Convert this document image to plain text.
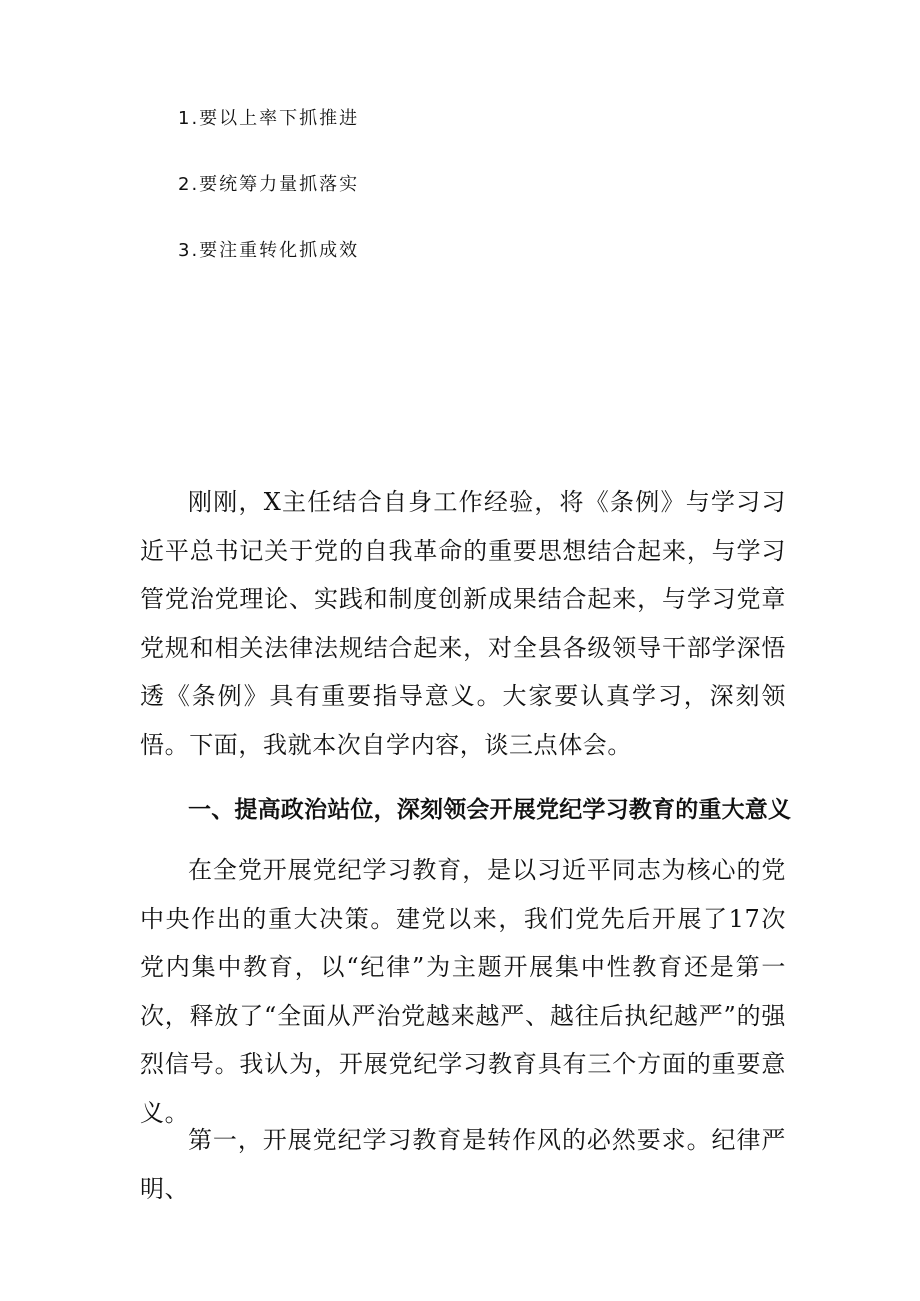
1.要以上率下抓推进
2.要统筹力量抓落实
3.要注重转化抓成效

刚刚，X主任结合自身工作经验，将《条例》与学习习近平总书记关于党的自我革命的重要思想结合起来，与学习管党治党理论、实践和制度创新成果结合起来，与学习党章党规和相关法律法规结合起来，对全县各级领导干部学深悟透《条例》具有重要指导意义。大家要认真学习，深刻领悟。下面，我就本次自学内容，谈三点体会。

一、提高政治站位，深刻领会开展党纪学习教育的重大意义

在全党开展党纪学习教育，是以习近平同志为核心的党中央作出的重大决策。建党以来，我们党先后开展了17次党内集中教育，以“纪律”为主题开展集中性教育还是第一次，释放了“全面从严治党越来越严、越往后执纪越严”的强烈信号。我认为，开展党纪学习教育具有三个方面的重要意义。

第一，开展党纪学习教育是转作风的必然要求。纪律严明、
